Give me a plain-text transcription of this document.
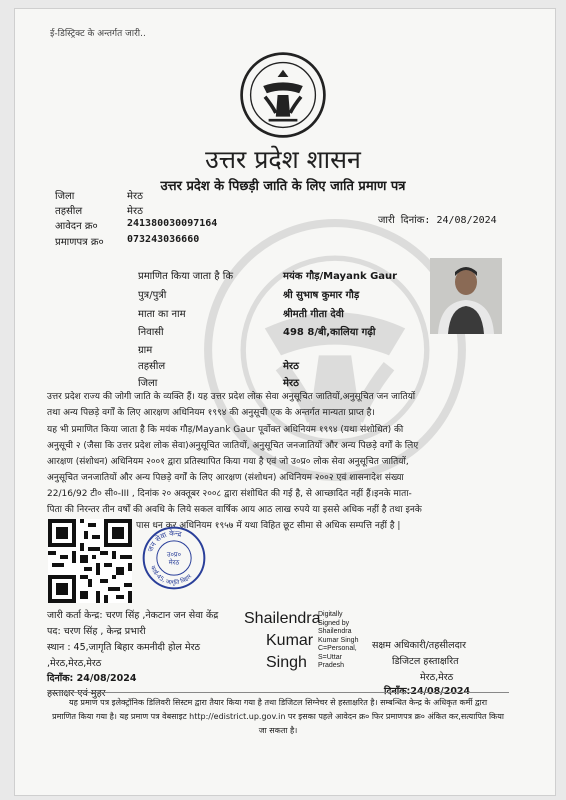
ई-डिस्ट्रिक्ट के अन्तर्गत जारी..
उत्तर प्रदेश शासन
उत्तर प्रदेश के पिछड़ी जाति के लिए जाति प्रमाण पत्र
जिला	मेरठ
तहसील	मेरठ
आवेदन क्र०	241380030097164
प्रमाणपत्र क्र० 073243036660
जारी दिनांक: 24/08/2024
प्रमाणित किया जाता है कि	मयंक गौड़/Mayank Gaur
पुत्र/पुत्री	श्री सुभाष कुमार गौड़
माता का नाम	श्रीमती गीता देवी
निवासी	498 8/बी,कालिया गढ़ी
ग्राम
तहसील	मेरठ
जिला	मेरठ
उत्तर प्रदेश राज्य की जोगी जाति के व्यक्ति हैं। यह उत्तर प्रदेश लोक सेवा अनुसूचित जातियों,अनुसूचित जन जातियों
तथा अन्य पिछड़े वर्गों के लिए आरक्षण अधिनियम १९९४ की अनुसूची एक के अन्तर्गत मान्यता प्राप्त है।
यह भी प्रमाणित किया जाता है कि मयंक गौड़/Mayank Gaur पूर्वोक्त अधिनियम १९९४ (यथा संशोधित) की
अनुसूची २ (जैसा कि उत्तर प्रदेश लोक सेवा)अनुसूचित जातियों, अनुसूचित जनजातियों और अन्य पिछड़े वर्गों के लिए
आरक्षण (संशोधन) अधिनियम २००१ द्वारा प्रतिस्थापित किया गया है एवं जो उ०प्र० लोक सेवा अनुसूचित जातियों,
अनुसूचित जनजातियों और अन्य पिछड़े वर्गों के लिए आरक्षण (संशोधन) अधिनियम २००२ एवं शासनादेश संख्या
22/16/92 टी० सी०-III , दिनांक २० अक्तूबर २००८ द्वारा संशोधित की गई है, से आच्छादित नहीं हैं।इनके माता-
पिता की निरन्तर तीन वर्षों की अवधि के लिये सकल वार्षिक आय आठ लाख रुपये या इससे अधिक नहीं है तथा इनके
पास धन कर अधिनियम १९५७ में यथा विहित छूट सीमा से अधिक सम्पत्ति नहीं है |
जन सेवा केन्द्र
कार्ड-45, जागृति बिहार
उ०प्र०
मेरठ
जारी कर्ता केन्द्र: चरण सिंह ,नेकटान जन सेवा केंद्र
पद: चरण सिंह , केन्द्र प्रभारी
स्थान : 45,जागृति बिहार कमनीदी होल मेरठ
,मेरठ,मेरठ,मेरठ
दिनाँक: 24/08/2024
हस्ताक्षर एवं मुहर
Shailendra
Kumar
Singh
Digitally
Signed by
Shailendra
Kumar Singh
C=Personal,
S=Uttar
Pradesh
सक्षम अधिकारी/तहसीलदार
डिजिटल हस्ताक्षरित
मेरठ,मेरठ
दिनाँक:24/08/2024
यह प्रमाण पत्र इलेक्ट्रॉनिक डिलिवरी सिस्टम द्वारा तैयार किया गया है तथा डिजिटल सिग्नेचर से हस्ताक्षरित है। सम्बन्धित केन्द्र के अधिकृत कर्मी द्वारा
प्रमाणित किया गया है। यह प्रमाण पत्र वेबसाइट http://edistrict.up.gov.in पर इसका पहले आवेदन क्र० फिर प्रमाणपत्र क्र० अंकित कर,सत्यापित किया
जा सकता है।
